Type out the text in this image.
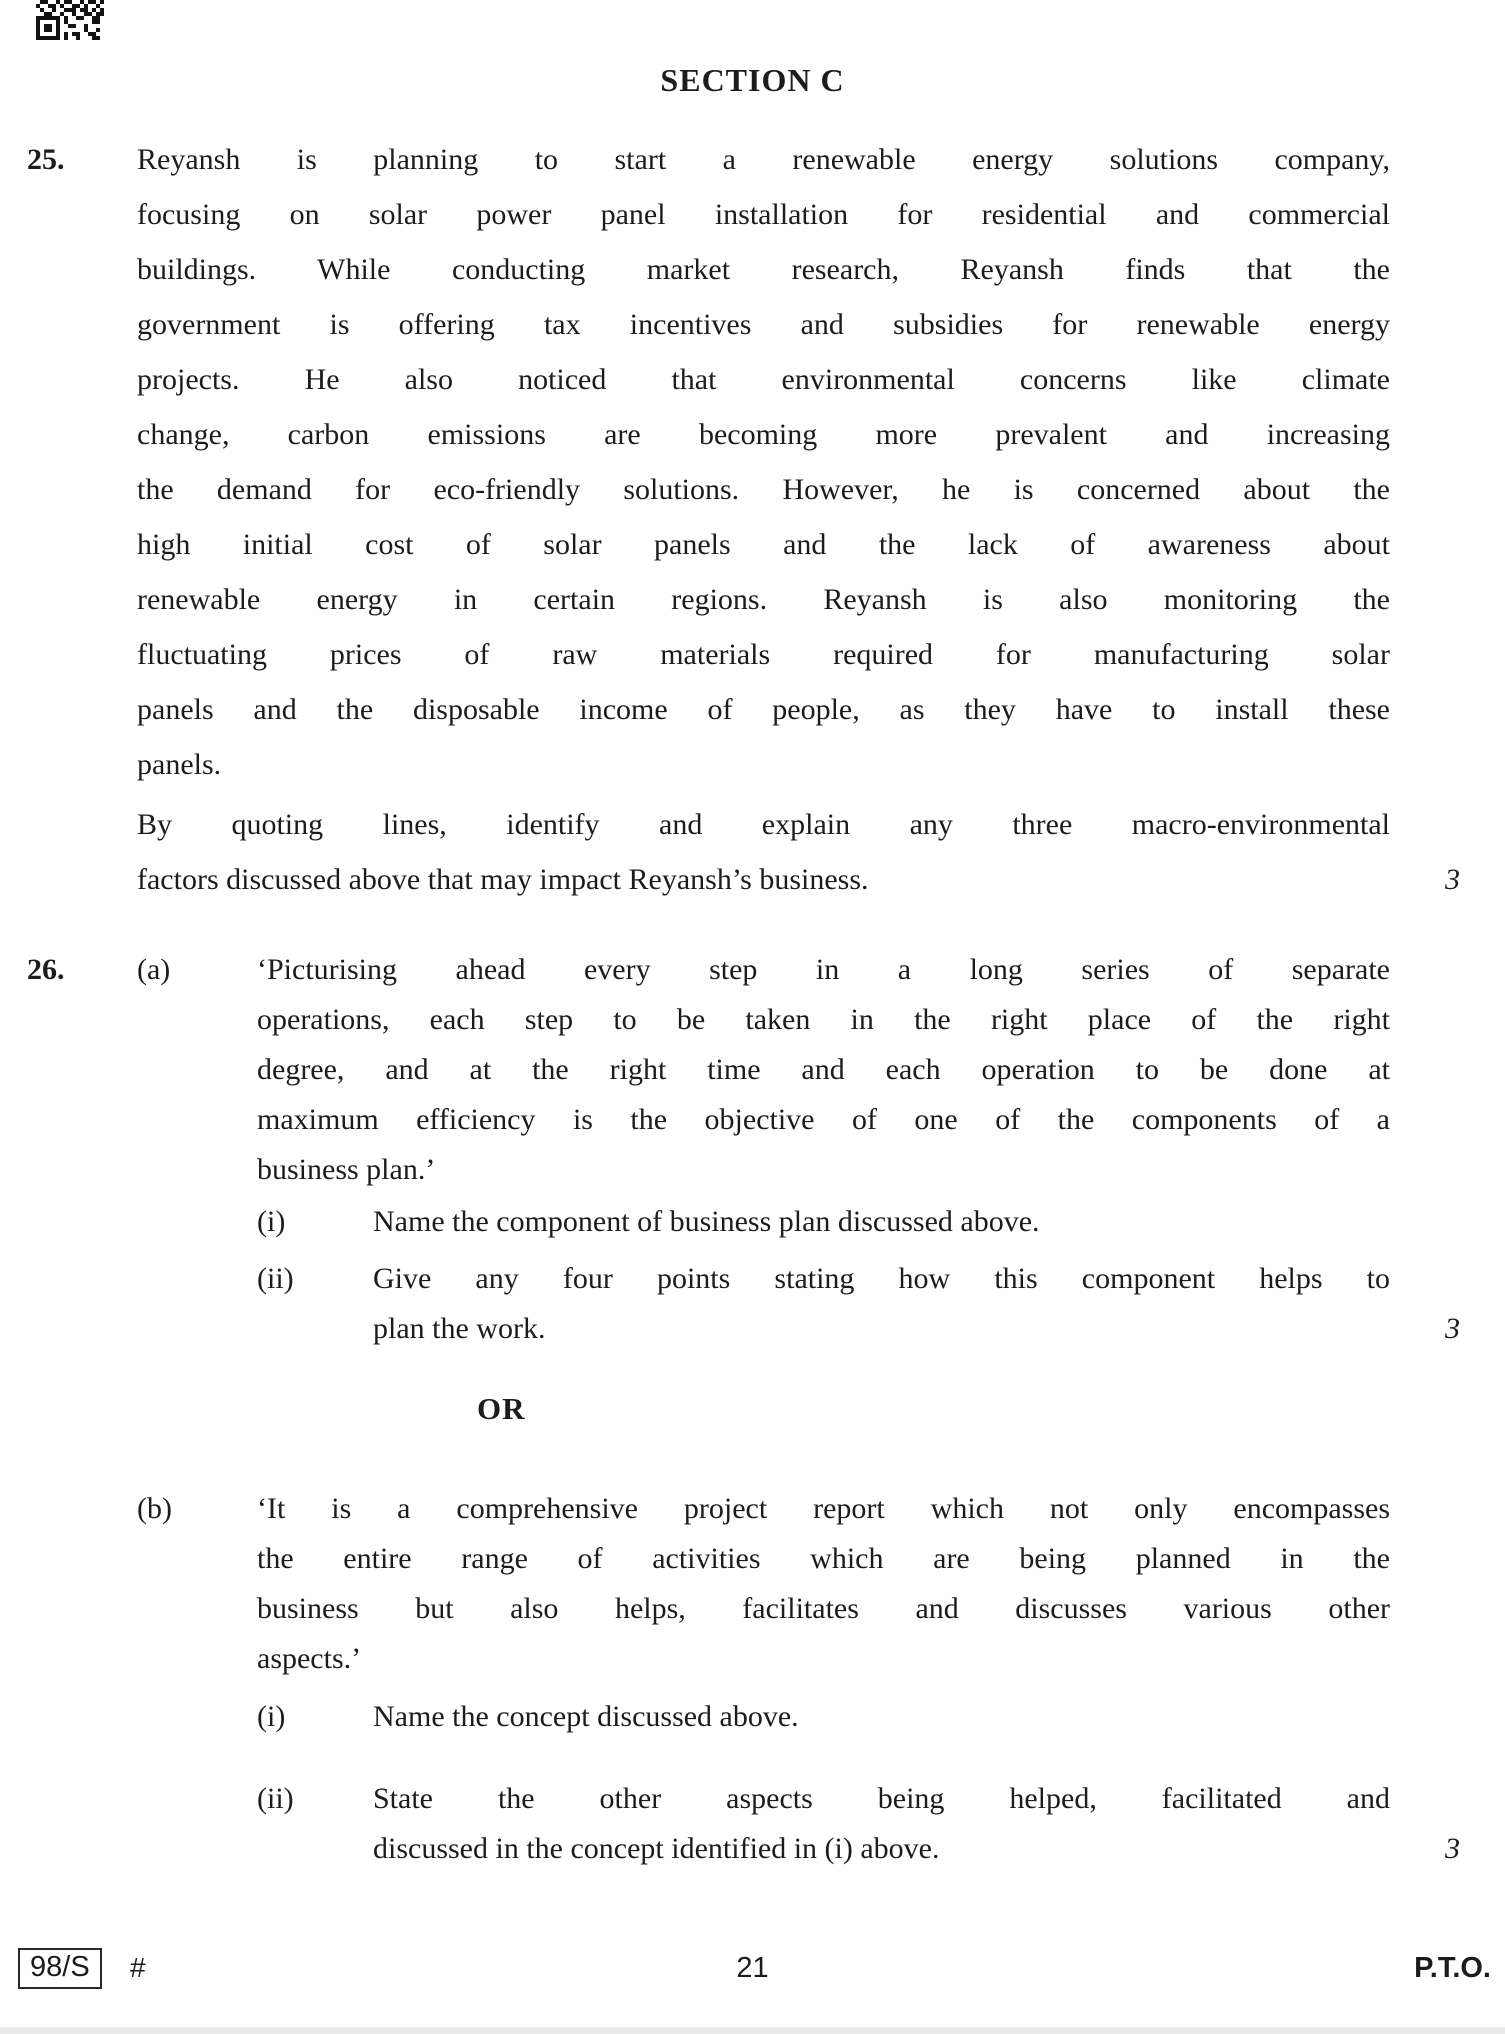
SECTION C
25.	Reyansh is planning to start a renewable energy solutions company,
focusing on solar power panel installation for residential and commercial
buildings. While conducting market research, Reyansh finds that the
government is offering tax incentives and subsidies for renewable energy
projects. He also noticed that environmental concerns like climate
change, carbon emissions are becoming more prevalent and increasing
the demand for eco-friendly solutions. However, he is concerned about the
high initial cost of solar panels and the lack of awareness about
renewable energy in certain regions. Reyansh is also monitoring the
fluctuating prices of raw materials required for manufacturing solar
panels and the disposable income of people, as they have to install these
panels.
By quoting lines, identify and explain any three macro-environmental
factors discussed above that may impact Reyansh’s business.	3
26.	(a)	‘Picturising ahead every step in a long series of separate
operations, each step to be taken in the right place of the right
degree, and at the right time and each operation to be done at
maximum efficiency is the objective of one of the components of a
business plan.’
(i)	Name the component of business plan discussed above.
(ii)	Give any four points stating how this component helps to
plan the work.	3
OR
(b)	‘It is a comprehensive project report which not only encompasses
the entire range of activities which are being planned in the
business but also helps, facilitates and discusses various other
aspects.’
(i)	Name the concept discussed above.
(ii)	State the other aspects being helped, facilitated and
discussed in the concept identified in (i) above.	3
98/S	#	21	P.T.O.
